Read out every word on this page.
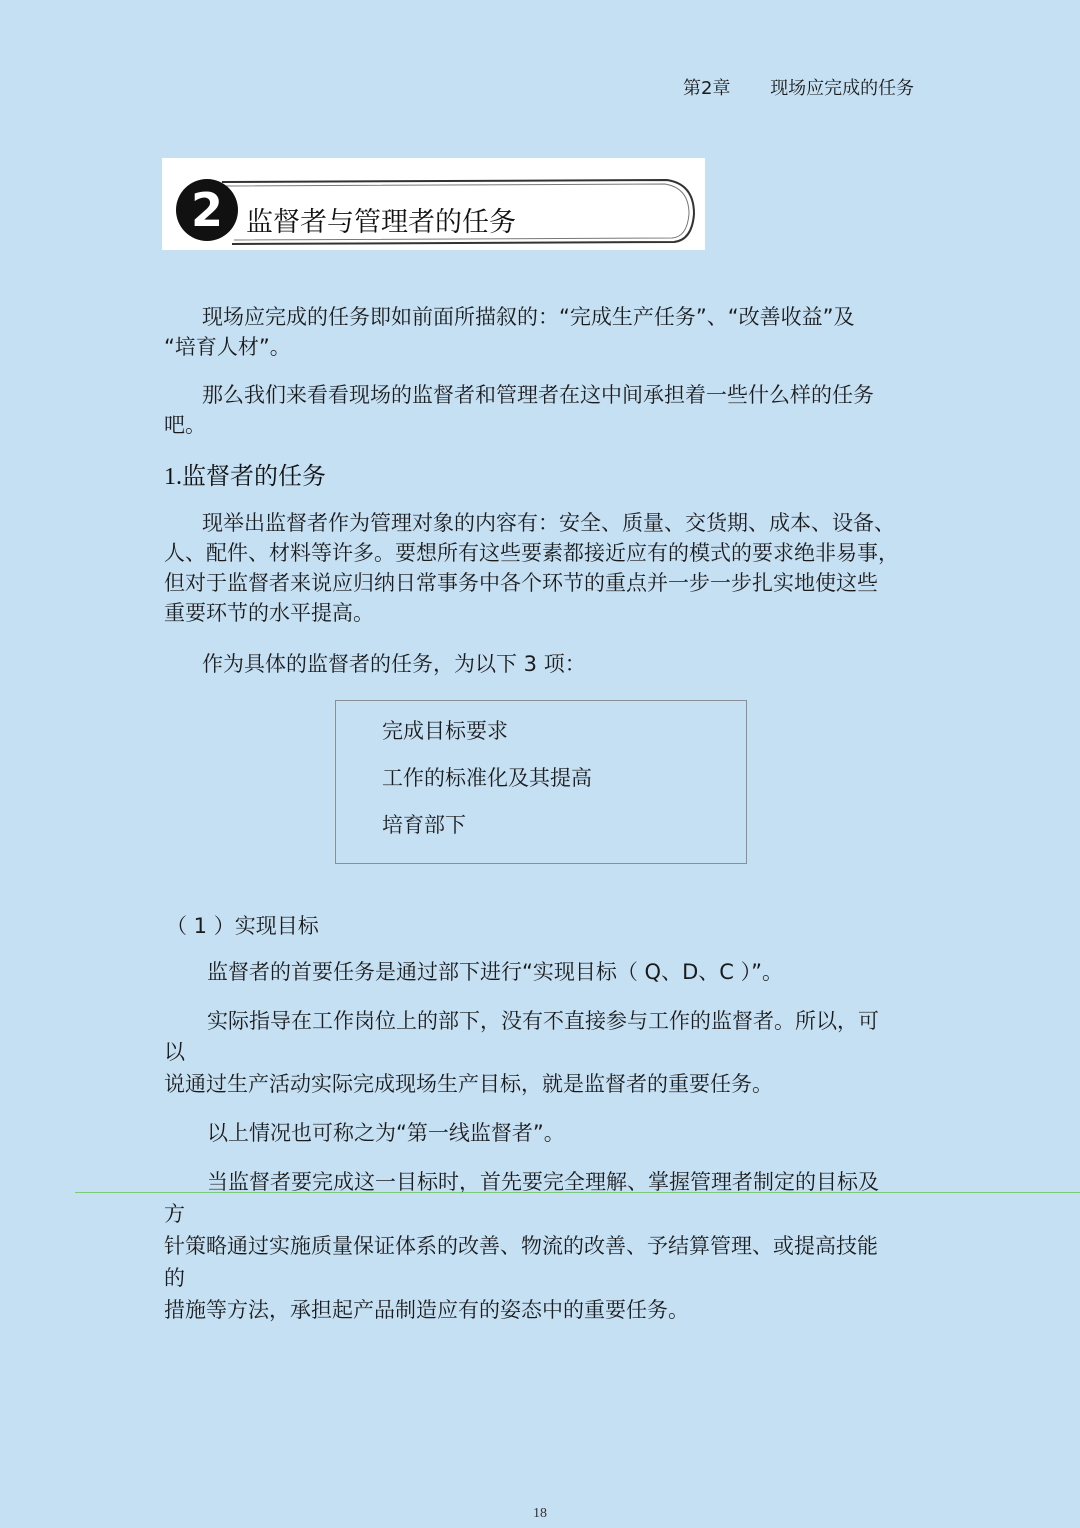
第2章 现场应完成的任务
2 监督者与管理者的任务

现场应完成的任务即如前面所描叙的：“完成生产任务”、“改善收益”及
“培育人材”。

那么我们来看看现场的监督者和管理者在这中间承担着一些什么样的任务
吧。

1.监督者的任务
现举出监督者作为管理对象的内容有：安全、质量、交货期、成本、设备、
人、配件、材料等许多。要想所有这些要素都接近应有的模式的要求绝非易事，
但对于监督者来说应归纳日常事务中各个环节的重点并一步一步扎实地使这些
重要环节的水平提高。
作为具体的监督者的任务，为以下 3 项：
完成目标要求
工作的标准化及其提高
培育部下
（ 1 ）实现目标
监督者的首要任务是通过部下进行“实现目标（ Q、D、C ）”。
实际指导在工作岗位上的部下，没有不直接参与工作的监督者。所以，可
以
说通过生产活动实际完成现场生产目标，就是监督者的重要任务。
以上情况也可称之为“第一线监督者”。
当监督者要完成这一目标时，首先要完全理解、掌握管理者制定的目标及
方
针策略通过实施质量保证体系的改善、物流的改善、予结算管理、或提高技能
的
措施等方法，承担起产品制造应有的姿态中的重要任务。
18
